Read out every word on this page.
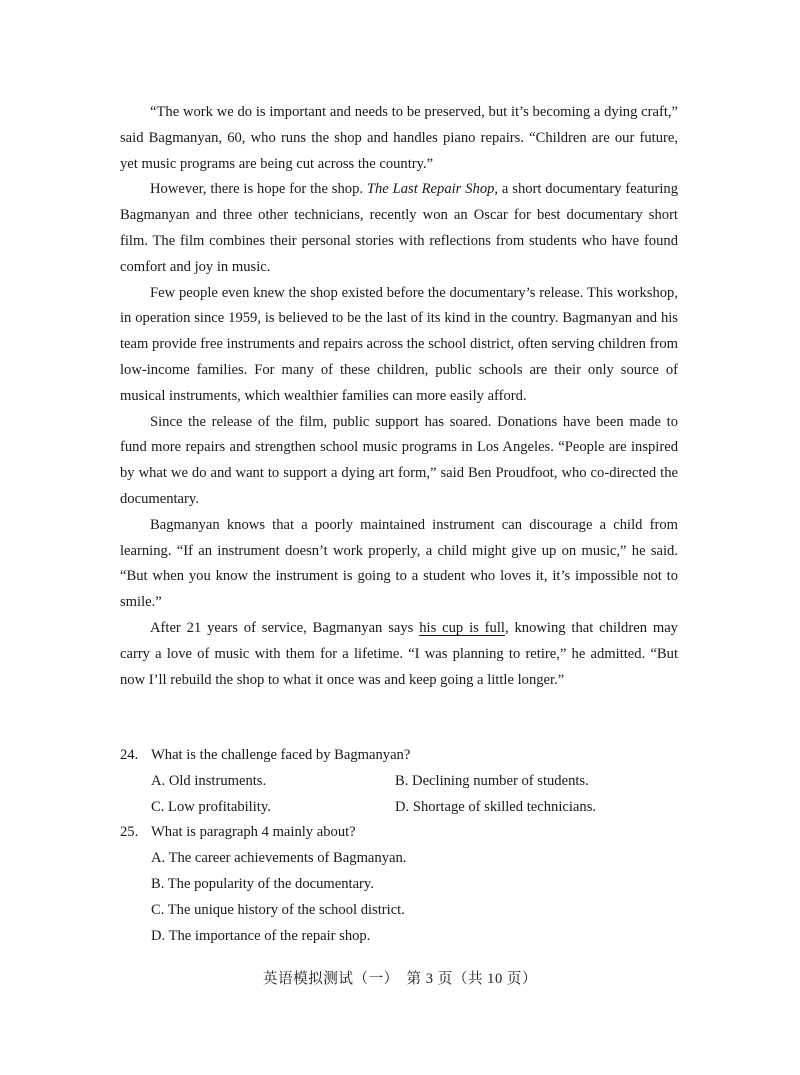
“The work we do is important and needs to be preserved, but it’s becoming a dying craft,” said Bagmanyan, 60, who runs the shop and handles piano repairs. “Children are our future, yet music programs are being cut across the country.”

However, there is hope for the shop. The Last Repair Shop, a short documentary featuring Bagmanyan and three other technicians, recently won an Oscar for best documentary short film. The film combines their personal stories with reflections from students who have found comfort and joy in music.

Few people even knew the shop existed before the documentary’s release. This workshop, in operation since 1959, is believed to be the last of its kind in the country. Bagmanyan and his team provide free instruments and repairs across the school district, often serving children from low-income families. For many of these children, public schools are their only source of musical instruments, which wealthier families can more easily afford.

Since the release of the film, public support has soared. Donations have been made to fund more repairs and strengthen school music programs in Los Angeles. “People are inspired by what we do and want to support a dying art form,” said Ben Proudfoot, who co-directed the documentary.

Bagmanyan knows that a poorly maintained instrument can discourage a child from learning. “If an instrument doesn’t work properly, a child might give up on music,” he said. “But when you know the instrument is going to a student who loves it, it’s impossible not to smile.”

After 21 years of service, Bagmanyan says his cup is full, knowing that children may carry a love of music with them for a lifetime. “I was planning to retire,” he admitted. “But now I’ll rebuild the shop to what it once was and keep going a little longer.”

24. What is the challenge faced by Bagmanyan?
A. Old instruments.	B. Declining number of students.
C. Low profitability.	D. Shortage of skilled technicians.
25. What is paragraph 4 mainly about?
A. The career achievements of Bagmanyan.
B. The popularity of the documentary.
C. The unique history of the school district.
D. The importance of the repair shop.
英语模拟测试（一）　第 3 页（共 10 页）
